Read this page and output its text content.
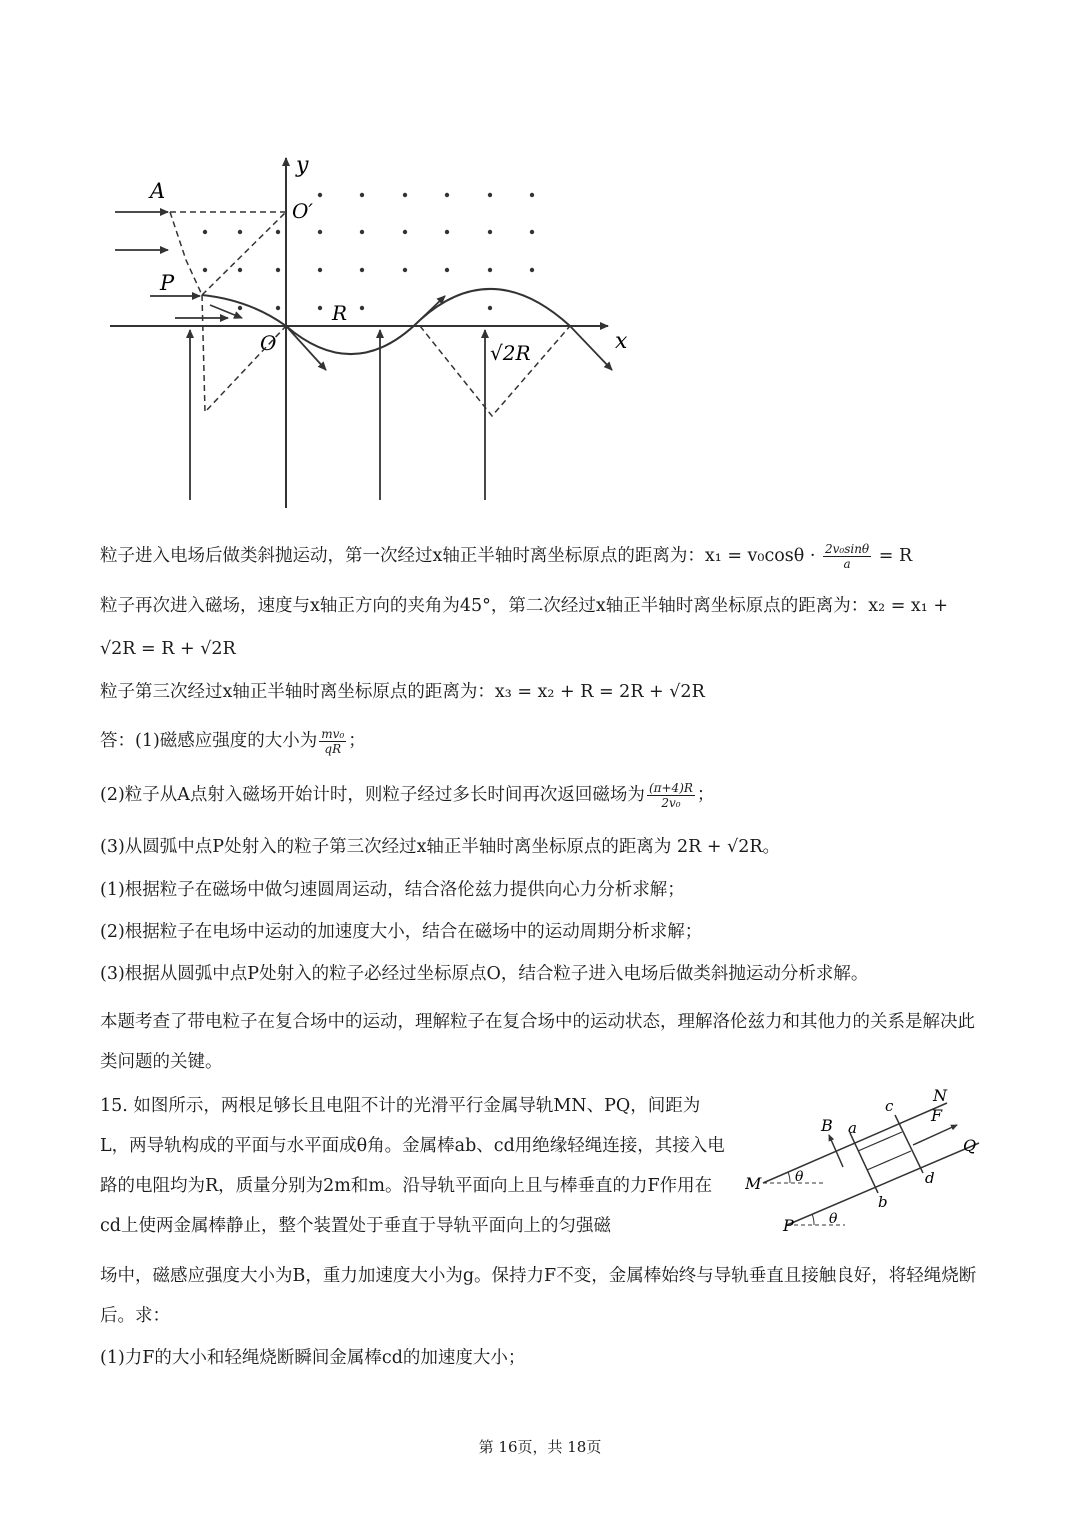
y
x
A
O′
P
O
R
√2R
粒子进入电场后做类斜抛运动，第一次经过x轴正半轴时离坐标原点的距离为：$x_1 = v_0\cos\theta \cdot \frac{\text{2v₀sinθ}}{a} = R$
粒子再次进入磁场，速度与x轴正方向的夹角为45°，第二次经过x轴正半轴时离坐标原点的距离为：x₂ = x₁ +
√2R = R + √2R
粒子第三次经过x轴正半轴时离坐标原点的距离为：x₃ = x₂ + R = 2R + √2R
答：(1)磁感应强度的大小为 $\frac{\text{mv₀}}{qR}$ ；
(2)粒子从A点射入磁场开始计时，则粒子经过多长时间再次返回磁场为 $\frac{(\pi+4)R}{\text{2v₀}}$ ；
(3)从圆弧中点P处射入的粒子第三次经过x轴正半轴时离坐标原点的距离为 2R + √2R。
(1)根据粒子在磁场中做匀速圆周运动，结合洛伦兹力提供向心力分析求解；
(2)根据粒子在电场中运动的加速度大小，结合在磁场中的运动周期分析求解；
(3)根据从圆弧中点P处射入的粒子必经过坐标原点O，结合粒子进入电场后做类斜抛运动分析求解。
本题考查了带电粒子在复合场中的运动，理解粒子在复合场中的运动状态，理解洛伦兹力和其他力的关系是解决此类问题的关键。
15. 如图所示，两根足够长且电阻不计的光滑平行金属导轨MN、PQ，间距为L，两导轨构成的平面与水平面成θ角。金属棒ab、cd用绝缘轻绳连接，其接入电路的电阻均为R，质量分别为2m和m。沿导轨平面向上且与棒垂直的力F作用在cd上使两金属棒静止，整个装置处于垂直于导轨平面向上的匀强磁
场中，磁感应强度大小为B，重力加速度大小为g。保持力F不变，金属棒始终与导轨垂直且接触良好，将轻绳烧断后。求：
(1)力F的大小和轻绳烧断瞬间金属棒cd的加速度大小；
N
c F
B a
Q
M θ	d
b
P	θ
第 16页，共 18页
